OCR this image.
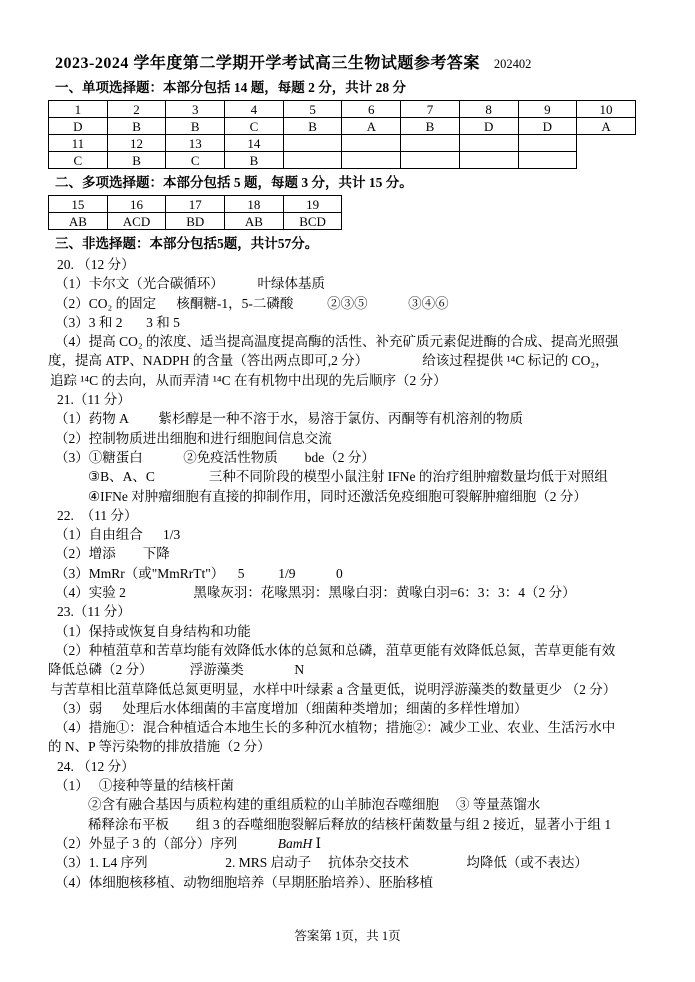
2023-2024 学年度第二学期开学考试高三生物试题参考答案 202402
一、单项选择题：本部分包括 14 题，每题 2 分，共计 28 分
1	2	3	4	5	6	7	8	9	10
D	B	B	C	B	A	B	D	D	A
11	12	13	14
C	B	C	B
二、多项选择题：本部分包括 5 题，每题 3 分，共计 15 分。
15	16	17	18	19
AB	ACD	BD	AB	BCD
三、非选择题：本部分包括5题，共计57分。
20. （12 分）
（1）卡尔文（光合碳循环）          叶绿体基质
（2）CO₂ 的固定      核酮糖-1，5-二磷酸          ②③⑤            ③④⑥
（3）3 和 2       3 和 5
（4）提高 CO₂ 的浓度、适当提高温度提高酶的活性、补充矿质元素促进酶的合成、提高光照强
度，提高 ATP、NADPH 的含量（答出两点即可,2 分）                给该过程提供 ¹⁴C 标记的 CO₂，
追踪 ¹⁴C 的去向，从而弄清 ¹⁴C 在有机物中出现的先后顺序（2 分）
21.（11 分）
（1）药物 A         紫杉醇是一种不溶于水，易溶于氯仿、丙酮等有机溶剂的物质
（2）控制物质进出细胞和进行细胞间信息交流
（3）①糖蛋白            ②免疫活性物质        bde（2 分）
③B、A、C                三种不同阶段的模型小鼠注射 IFNe 的治疗组肿瘤数量均低于对照组
④IFNe 对肿瘤细胞有直接的抑制作用，同时还激活免疫细胞可裂解肿瘤细胞（2 分）
22.  （11 分）
（1）自由组合      1/3
（2）增添        下降
（3）MmRr（或"MmRrTt"）    5          1/9            0
（4）实验 2                    黑喙灰羽：花喙黑羽：黑喙白羽：黄喙白羽=6：3：3：4（2 分）
23.（11 分）
（1）保持或恢复自身结构和功能
（2）种植菹草和苦草均能有效降低水体的总氮和总磷，菹草更能有效降低总氮，苦草更能有效
降低总磷（2 分）           浮游藻类               N
与苦草相比菹草降低总氮更明显，水样中叶绿素 a 含量更低，说明浮游藻类的数量更少 （2 分）
（3）弱      处理后水体细菌的丰富度增加（细菌种类增加；细菌的多样性增加）
（4）措施①：混合种植适合本地生长的多种沉水植物；措施②：减少工业、农业、生活污水中
的 N、P 等污染物的排放措施（2 分）
24. （12 分）
（1）   ①接种等量的结核杆菌
②含有融合基因与质粒构建的重组质粒的山羊肺泡吞噬细胞     ③ 等量蒸馏水
稀释涂布平板        组 3 的吞噬细胞裂解后释放的结核杆菌数量与组 2 接近，显著小于组 1
（2）外显子 3 的（部分）序列            BamH Ⅰ
（3）1. L4 序列                       2. MRS 启动子     抗体杂交技术                 均降低（或不表达）
（4）体细胞核移植、动物细胞培养（早期胚胎培养）、胚胎移植
答案第 1页，共 1页
